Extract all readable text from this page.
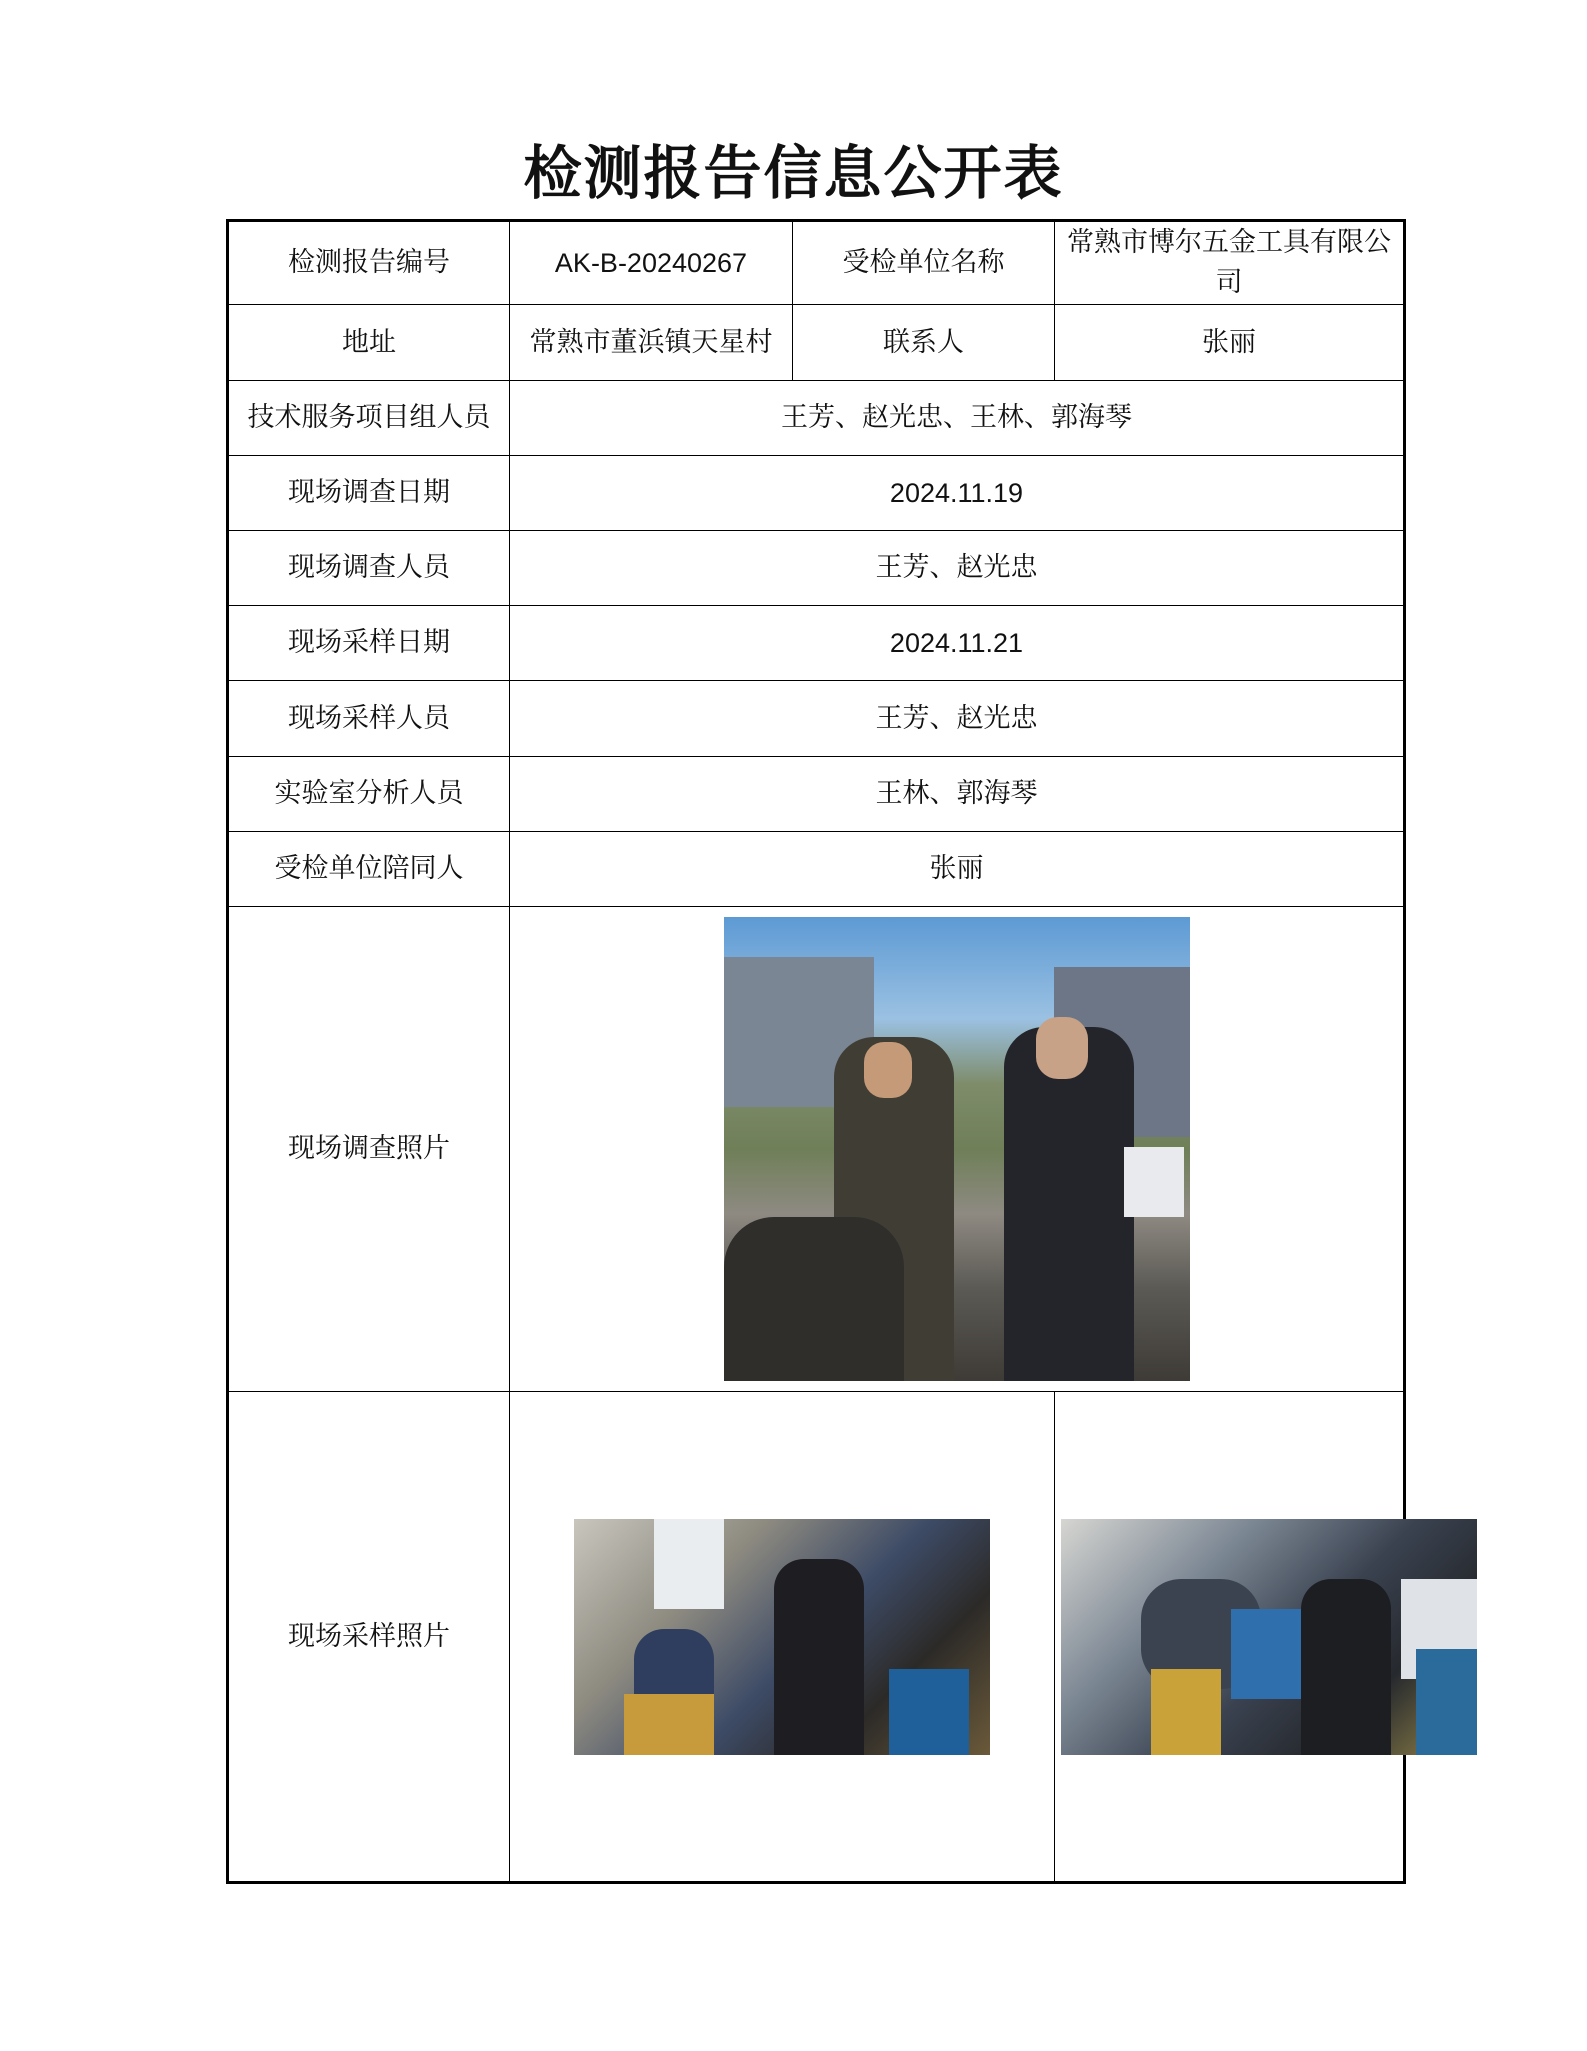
检测报告信息公开表
检测报告编号	AK-B-20240267	受检单位名称	常熟市博尔五金工具有限公司
地址	常熟市董浜镇天星村	联系人	张丽
技术服务项目组人员	王芳、赵光忠、王林、郭海琴		
现场调查日期	2024.11.19		
现场调查人员	王芳、赵光忠		
现场采样日期	2024.11.21		
现场采样人员	王芳、赵光忠		
实验室分析人员	王林、郭海琴		
受检单位陪同人	张丽		
现场调查照片			

现场采样照片		
